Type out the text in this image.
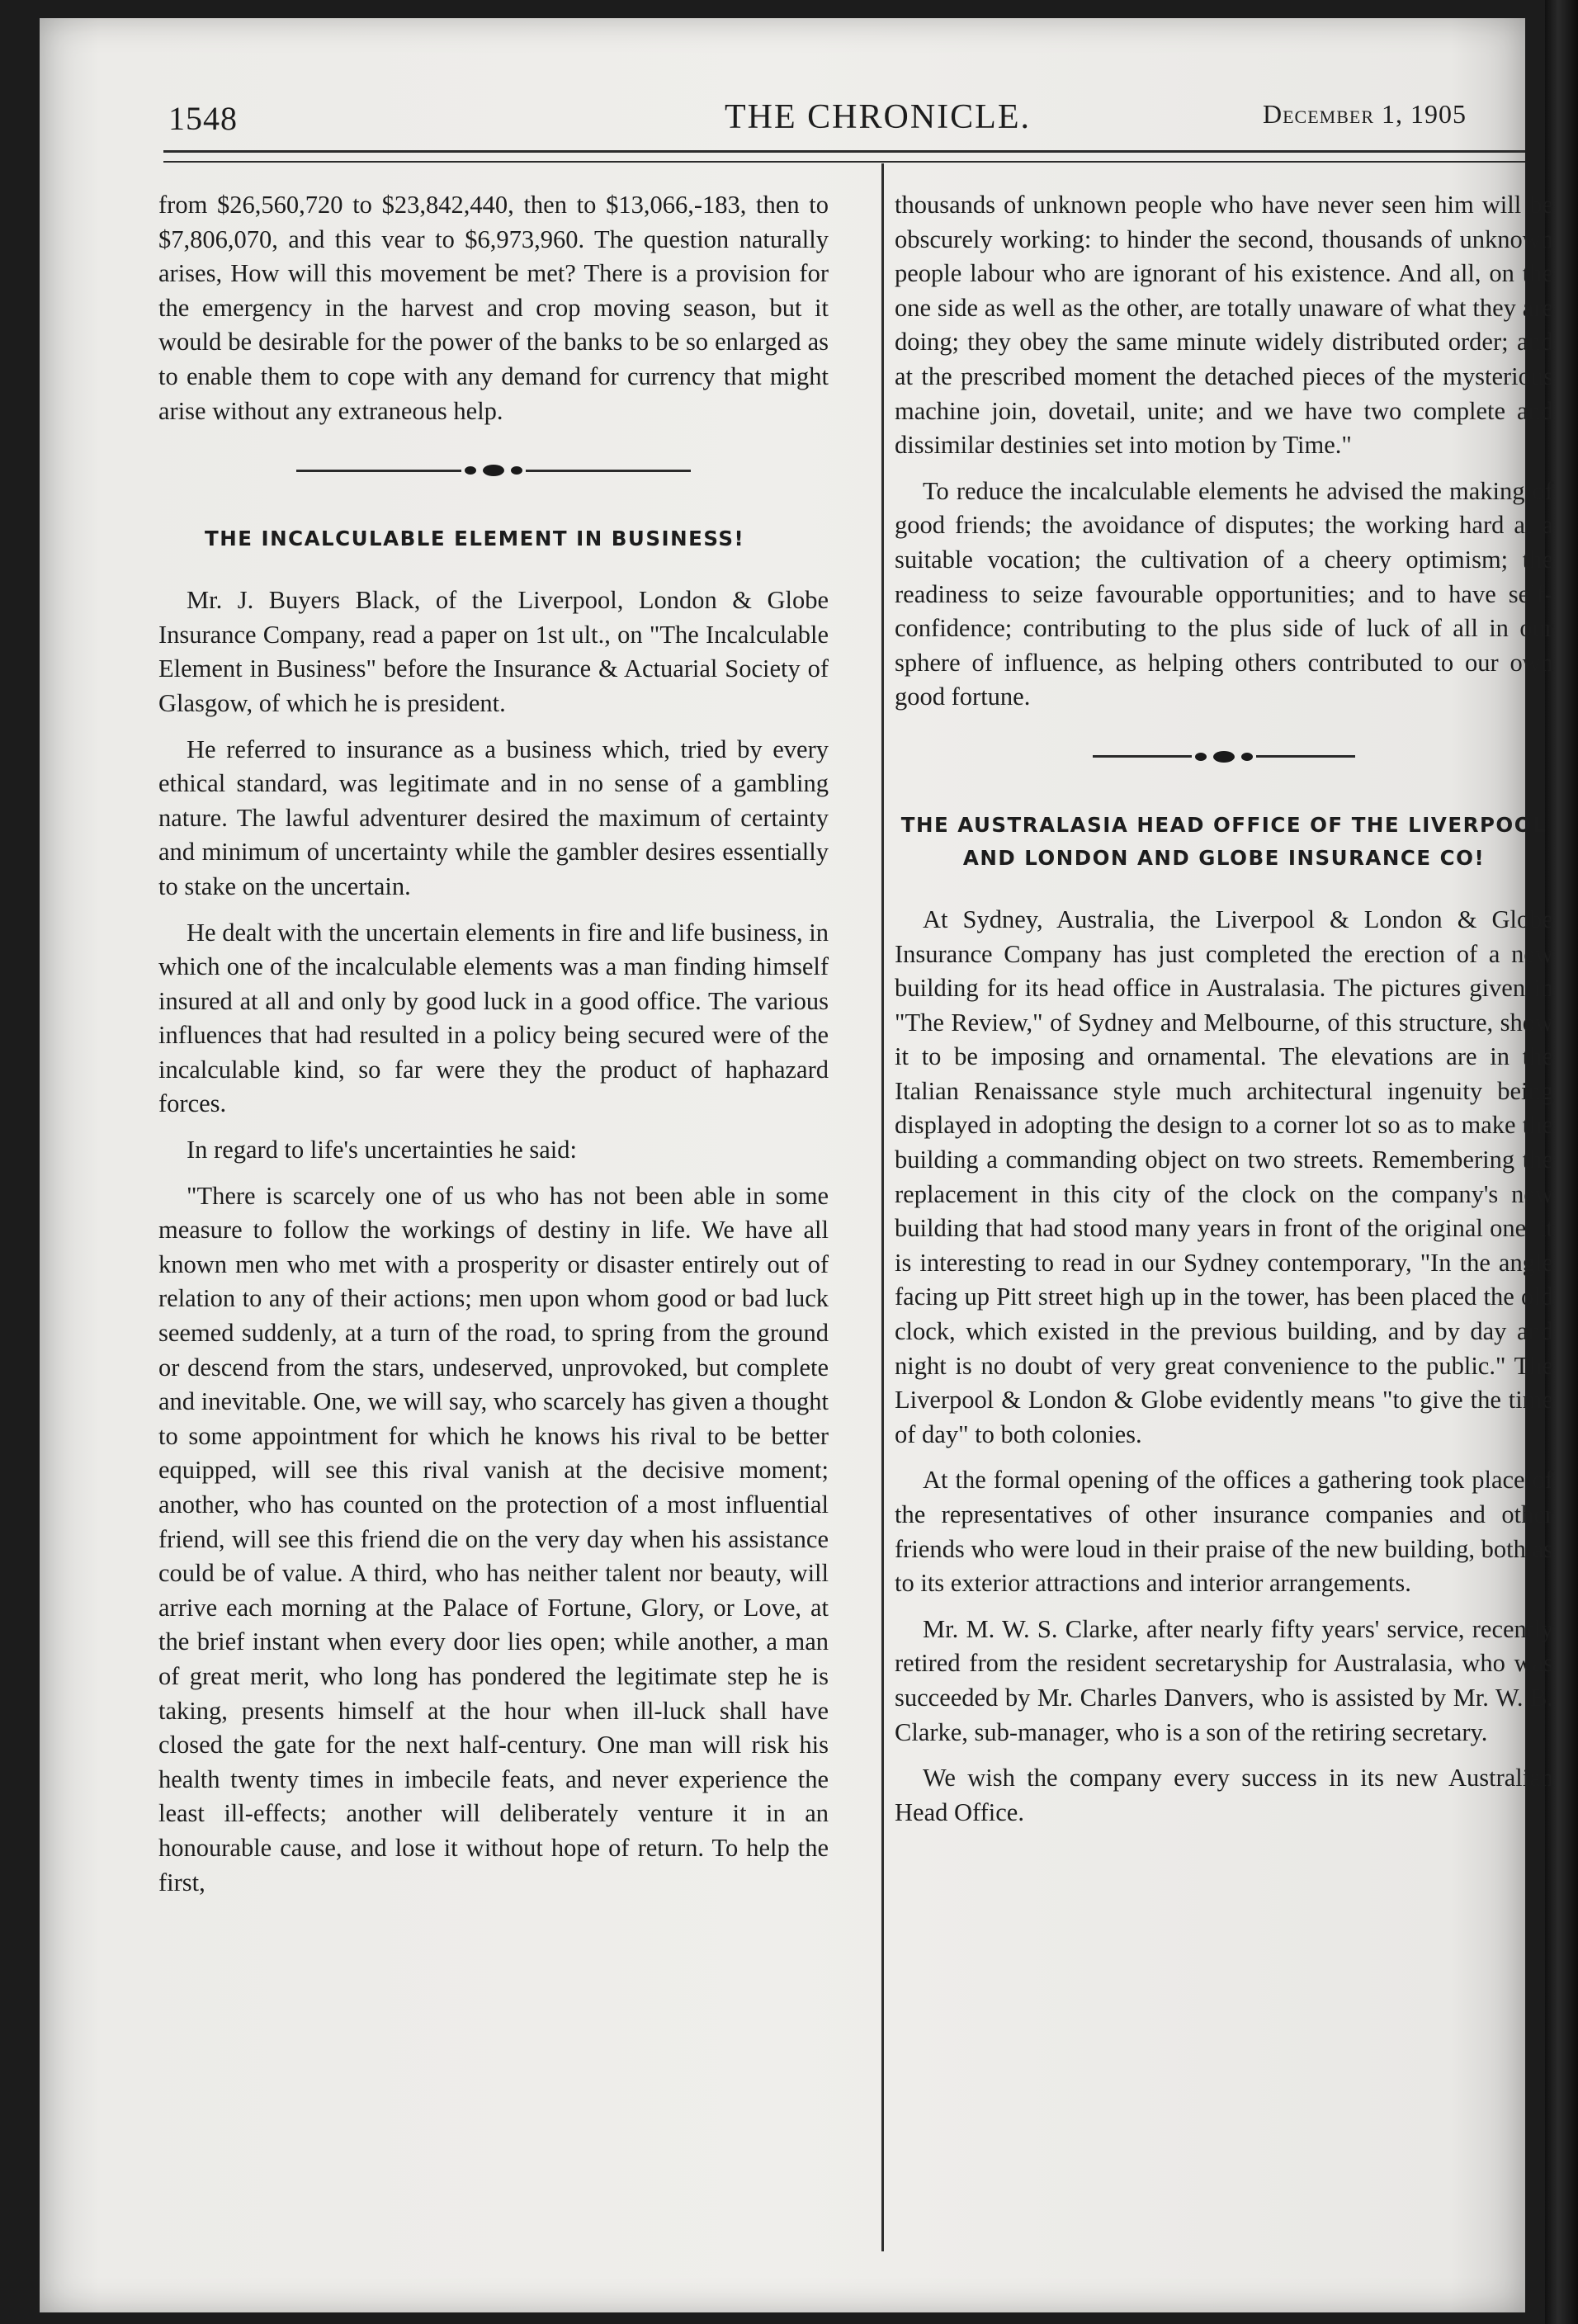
1548	THE CHRONICLE.	December 1, 1905

from $26,560,720 to $23,842,440, then to $13,066,-183, then to $7,806,070, and this vear to $6,973,960. The question naturally arises, How will this movement be met? There is a provision for the emergency in the harvest and crop moving season, but it would be desirable for the power of the banks to be so enlarged as to enable them to cope with any demand for currency that might arise without any extraneous help.

THE INCALCULABLE ELEMENT IN BUSINESS!

Mr. J. Buyers Black, of the Liverpool, London & Globe Insurance Company, read a paper on 1st ult., on "The Incalculable Element in Business" before the Insurance & Actuarial Society of Glasgow, of which he is president.

He referred to insurance as a business which, tried by every ethical standard, was legitimate and in no sense of a gambling nature. The lawful adventurer desired the maximum of certainty and minimum of uncertainty while the gambler desires essentially to stake on the uncertain.

He dealt with the uncertain elements in fire and life business, in which one of the incalculable elements was a man finding himself insured at all and only by good luck in a good office. The various influences that had resulted in a policy being secured were of the incalculable kind, so far were they the product of haphazard forces.

In regard to life's uncertainties he said:

"There is scarcely one of us who has not been able in some measure to follow the workings of destiny in life. We have all known men who met with a prosperity or disaster entirely out of relation to any of their actions; men upon whom good or bad luck seemed suddenly, at a turn of the road, to spring from the ground or descend from the stars, undeserved, unprovoked, but complete and inevitable. One, we will say, who scarcely has given a thought to some appointment for which he knows his rival to be better equipped, will see this rival vanish at the decisive moment; another, who has counted on the protection of a most influential friend, will see this friend die on the very day when his assistance could be of value. A third, who has neither talent nor beauty, will arrive each morning at the Palace of Fortune, Glory, or Love, at the brief instant when every door lies open; while another, a man of great merit, who long has pondered the legitimate step he is taking, presents himself at the hour when ill-luck shall have closed the gate for the next half-century. One man will risk his health twenty times in imbecile feats, and never experience the least ill-effects; another will deliberately venture it in an honourable cause, and lose it without hope of return. To help the first,

thousands of unknown people who have never seen him will be obscurely working: to hinder the second, thousands of unknown people labour who are ignorant of his existence. And all, on the one side as well as the other, are totally unaware of what they are doing; they obey the same minute widely distributed order; and at the prescribed moment the detached pieces of the mysterious machine join, dovetail, unite; and we have two complete and dissimilar destinies set into motion by Time."

To reduce the incalculable elements he advised the making of good friends; the avoidance of disputes; the working hard at a suitable vocation; the cultivation of a cheery optimism; the readiness to seize favourable opportunities; and to have self-confidence; contributing to the plus side of luck of all in our sphere of influence, as helping others contributed to our own good fortune.

THE AUSTRALASIA HEAD OFFICE OF THE LIVERPOOL AND LONDON AND GLOBE INSURANCE CO!

At Sydney, Australia, the Liverpool & London & Globe Insurance Company has just completed the erection of a new building for its head office in Australasia. The pictures given in "The Review," of Sydney and Melbourne, of this structure, show it to be imposing and ornamental. The elevations are in the Italian Renaissance style much architectural ingenuity being displayed in adopting the design to a corner lot so as to make the building a commanding object on two streets. Remembering the replacement in this city of the clock on the company's new building that had stood many years in front of the original one, it is interesting to read in our Sydney contemporary, "In the angle facing up Pitt street high up in the tower, has been placed the old clock, which existed in the previous building, and by day and night is no doubt of very great convenience to the public." The Liverpool & London & Globe evidently means "to give the time of day" to both colonies.

At the formal opening of the offices a gathering took place of the representatives of other insurance companies and other friends who were loud in their praise of the new building, both as to its exterior attractions and interior arrangements.

Mr. M. W. S. Clarke, after nearly fifty years' service, recently retired from the resident secretaryship for Australasia, who was succeeded by Mr. Charles Danvers, who is assisted by Mr. W. B. Clarke, sub-manager, who is a son of the retiring secretary.

We wish the company every success in its new Australian Head Office.
